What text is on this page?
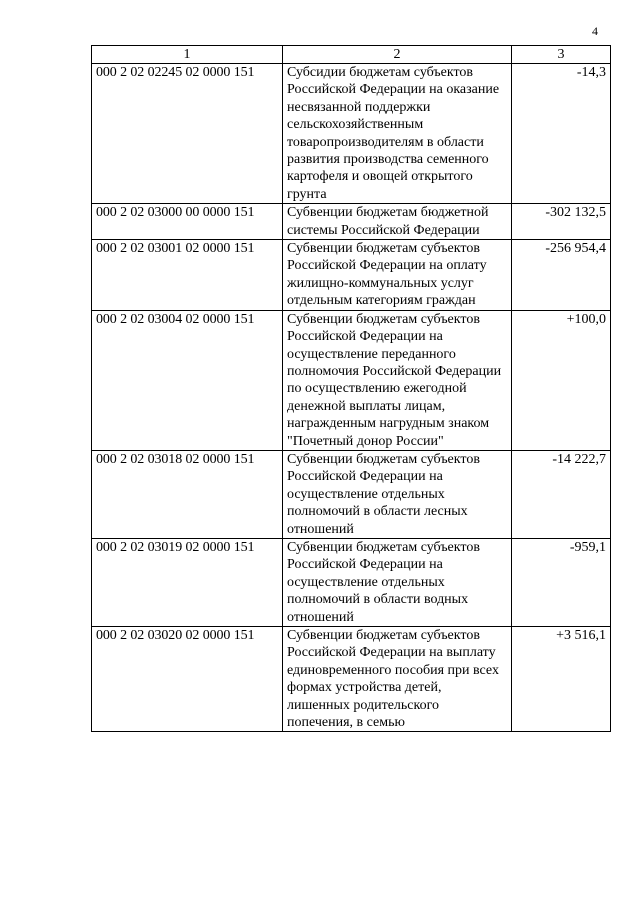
4
1	2	3
000 2 02 02245 02 0000 151	Субсидии бюджетам субъектов Российской Федерации на оказание несвязанной поддержки сельскохозяйственным товаропроизводителям в области развития производства семенного картофеля и овощей открытого грунта	-14,3
000 2 02 03000 00 0000 151	Субвенции бюджетам бюджетной системы Российской Федерации	-302 132,5
000 2 02 03001 02 0000 151	Субвенции бюджетам субъектов Российской Федерации на оплату жилищно-коммунальных услуг отдельным категориям граждан	-256 954,4
000 2 02 03004 02 0000 151	Субвенции бюджетам субъектов Российской Федерации на осуществление переданного полномочия Российской Федерации по осуществлению ежегодной денежной выплаты лицам, награжденным нагрудным знаком "Почетный донор России"	+100,0
000 2 02 03018 02 0000 151	Субвенции бюджетам субъектов Российской Федерации на осуществление отдельных полномочий в области лесных отношений	-14 222,7
000 2 02 03019 02 0000 151	Субвенции бюджетам субъектов Российской Федерации на осуществление отдельных полномочий в области водных отношений	-959,1
000 2 02 03020 02 0000 151	Субвенции бюджетам субъектов Российской Федерации на выплату единовременного пособия при всех формах устройства детей, лишенных родительского попечения, в семью	+3 516,1
